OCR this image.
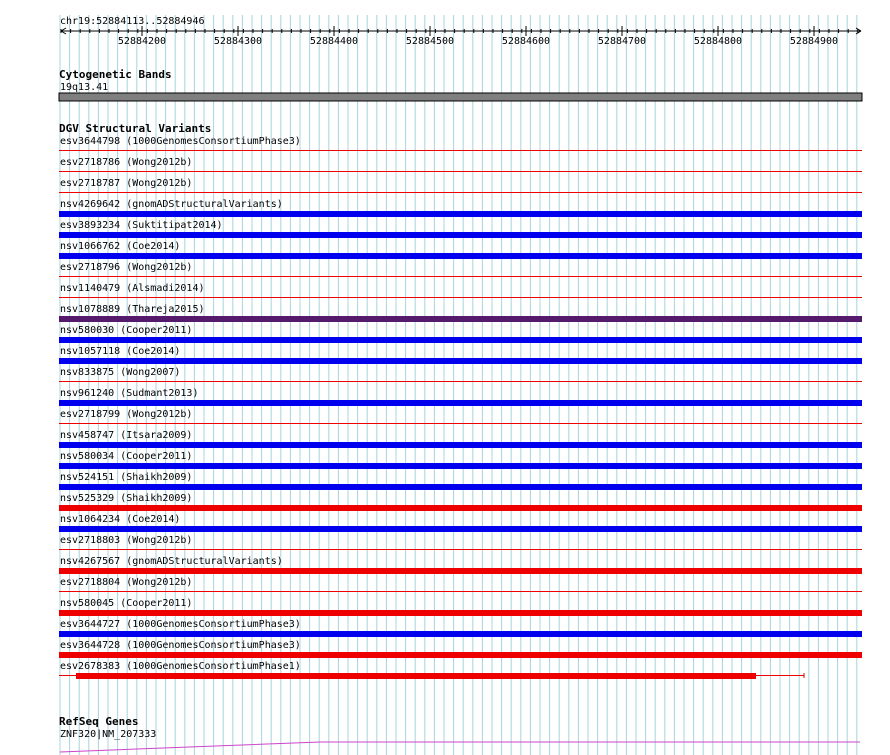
chr19:52884113..52884946
52884200	52884300	52884400	52884500	52884600	52884700	52884800	52884900
Cytogenetic Bands
19q13.41
DGV Structural Variants
esv3644798 (1000GenomesConsortiumPhase3)
esv2718786 (Wong2012b)
esv2718787 (Wong2012b)
nsv4269642 (gnomADStructuralVariants)
esv3893234 (Suktitipat2014)
nsv1066762 (Coe2014)
esv2718796 (Wong2012b)
nsv1140479 (Alsmadi2014)
nsv1078889 (Thareja2015)
nsv580030 (Cooper2011)
nsv1057118 (Coe2014)
nsv833875 (Wong2007)
nsv961240 (Sudmant2013)
esv2718799 (Wong2012b)
nsv458747 (Itsara2009)
nsv580034 (Cooper2011)
nsv524151 (Shaikh2009)
nsv525329 (Shaikh2009)
nsv1064234 (Coe2014)
esv2718803 (Wong2012b)
nsv4267567 (gnomADStructuralVariants)
esv2718804 (Wong2012b)
nsv580045 (Cooper2011)
esv3644727 (1000GenomesConsortiumPhase3)
esv3644728 (1000GenomesConsortiumPhase3)
esv2678383 (1000GenomesConsortiumPhase1)
RefSeq Genes
ZNF320|NM_207333
